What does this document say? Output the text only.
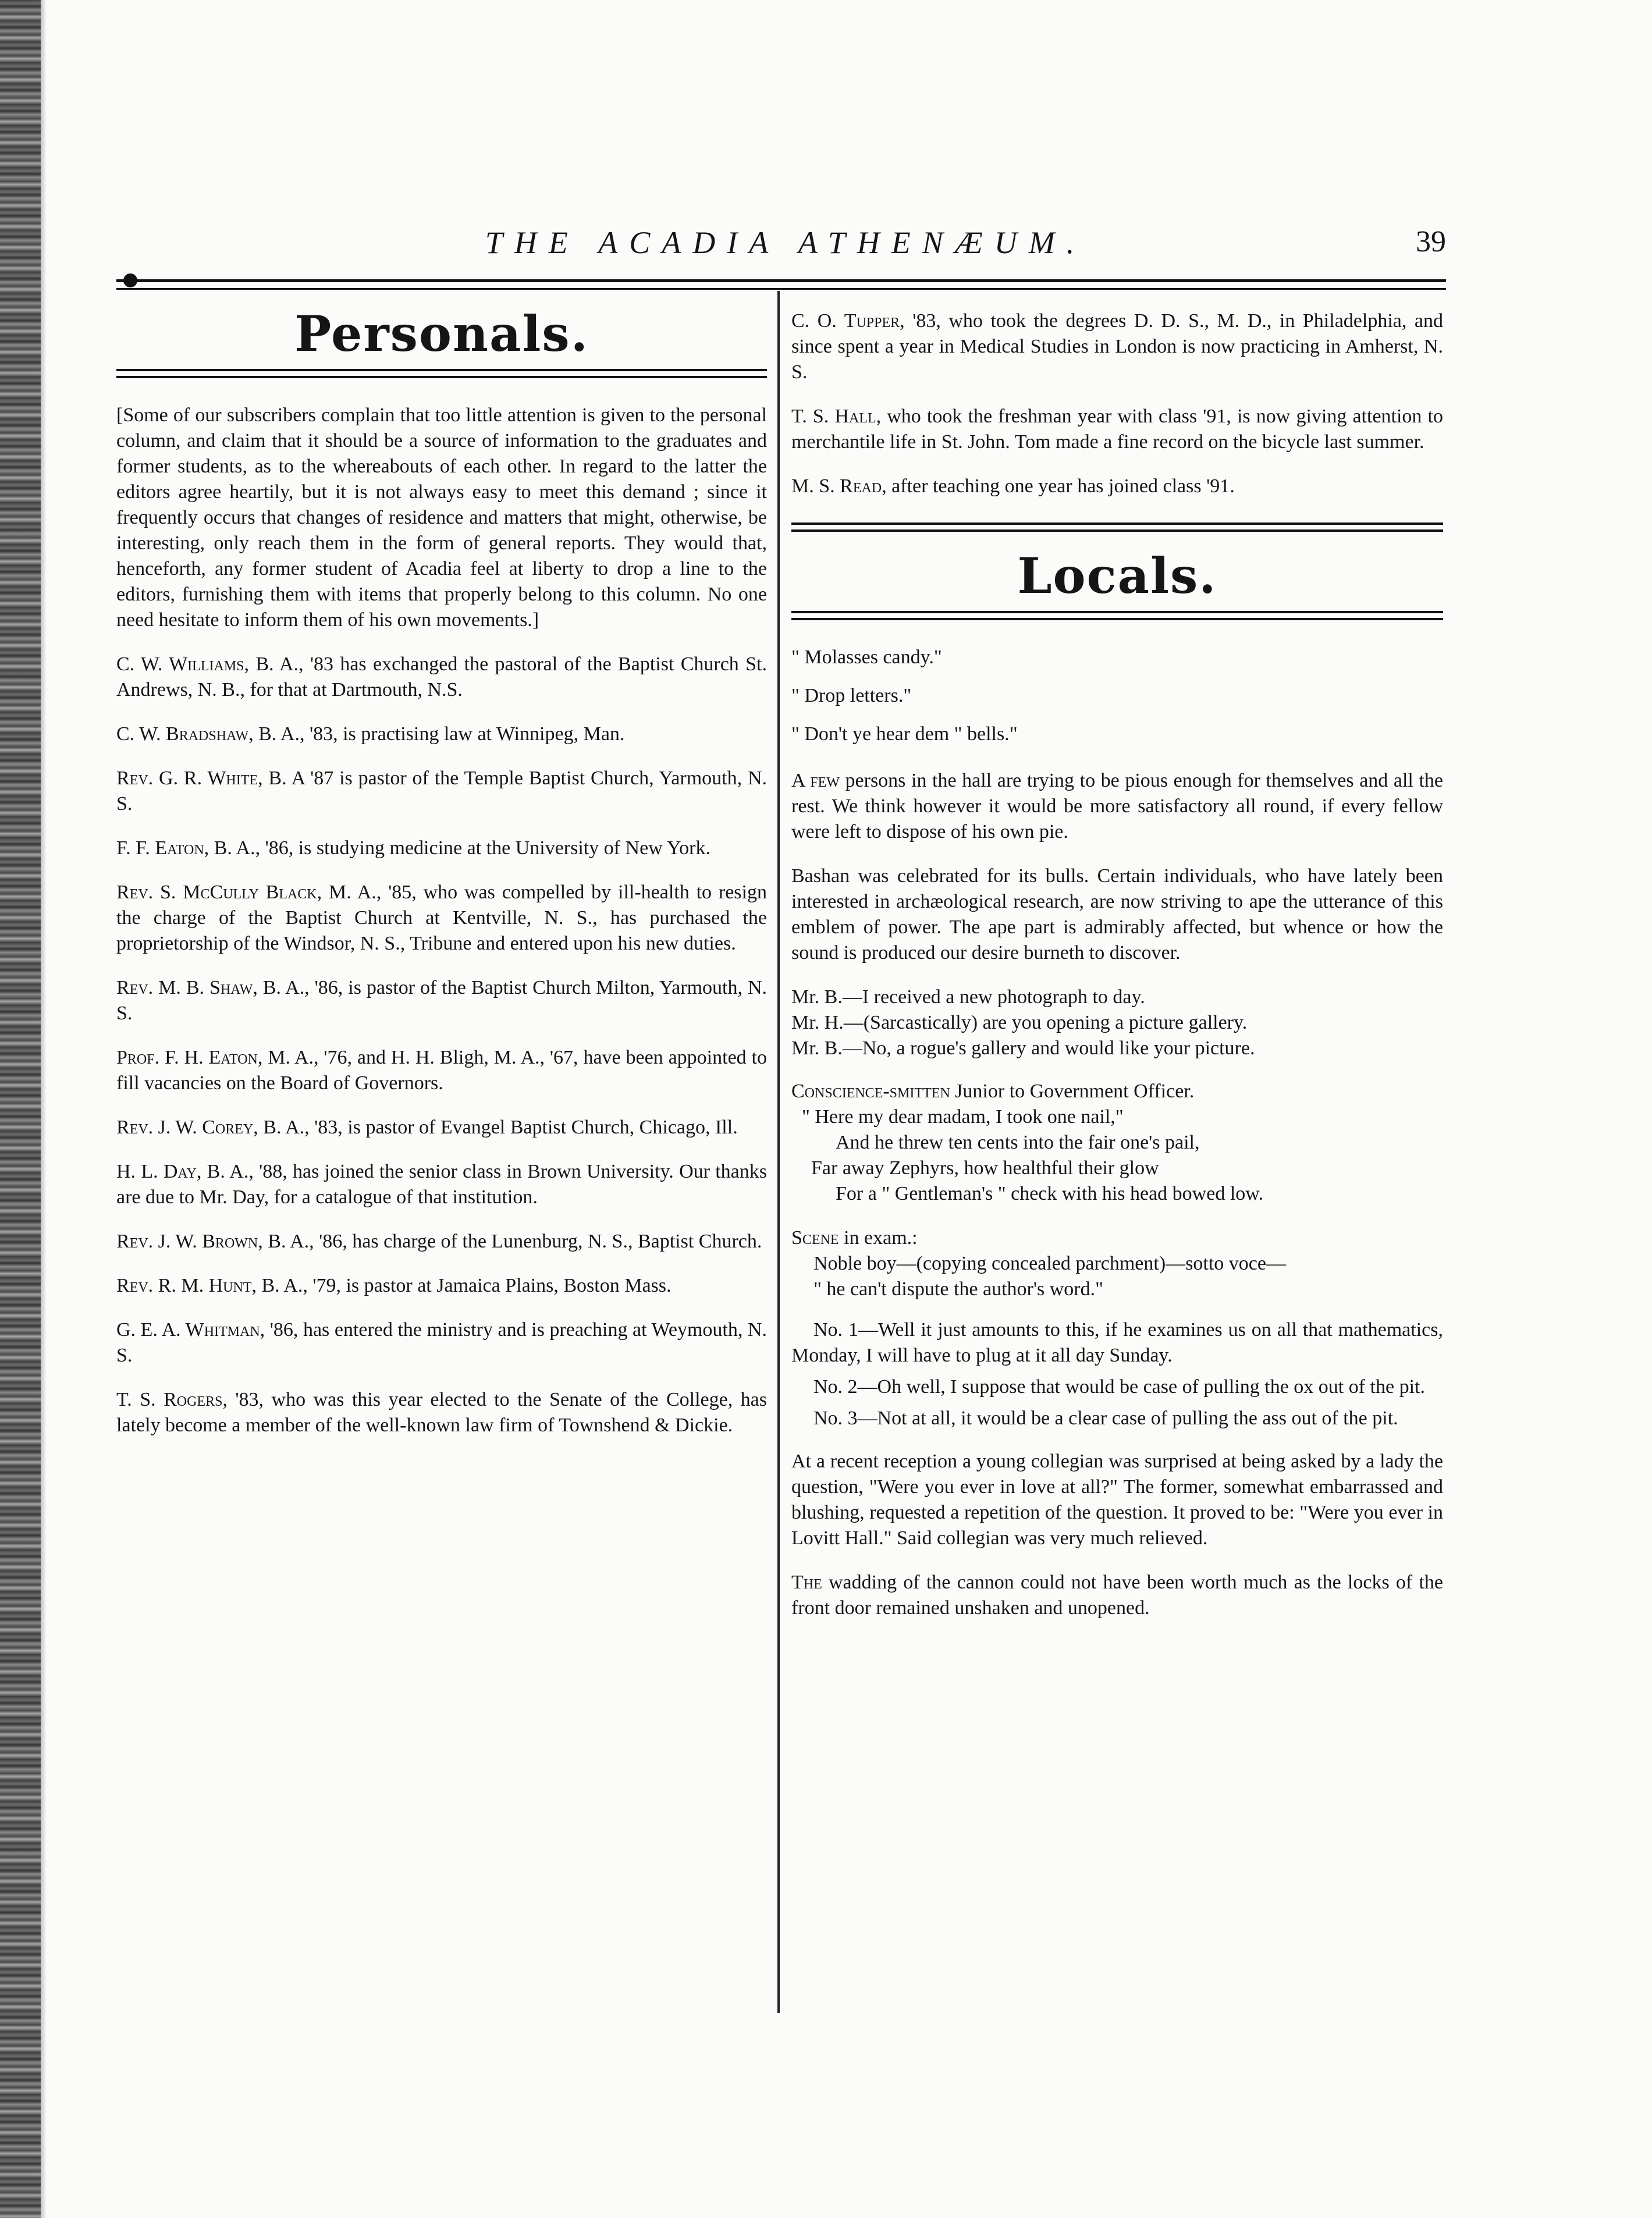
THE ACADIA ATHENÆUM.	39
Personals.

[Some of our subscribers complain that too little attention is given to the personal column, and claim that it should be a source of information to the graduates and former students, as to the whereabouts of each other. In regard to the latter the editors agree heartily, but it is not always easy to meet this demand ; since it frequently occurs that changes of residence and matters that might, otherwise, be interesting, only reach them in the form of general reports. They would that, henceforth, any former student of Acadia feel at liberty to drop a line to the editors, furnishing them with items that properly belong to this column. No one need hesitate to inform them of his own movements.]

C. W. Williams, B. A., '83 has exchanged the pastoral of the Baptist Church St. Andrews, N. B., for that at Dartmouth, N.S.

C. W. Bradshaw, B. A., '83, is practising law at Winnipeg, Man.

Rev. G. R. White, B. A '87 is pastor of the Temple Baptist Church, Yarmouth, N. S.

F. F. Eaton, B. A., '86, is studying medicine at the University of New York.

Rev. S. McCully Black, M. A., '85, who was compelled by ill-health to resign the charge of the Baptist Church at Kentville, N. S., has purchased the proprietorship of the Windsor, N. S., Tribune and entered upon his new duties.

Rev. M. B. Shaw, B. A., '86, is pastor of the Baptist Church Milton, Yarmouth, N. S.

Prof. F. H. Eaton, M. A., '76, and H. H. Bligh, M. A., '67, have been appointed to fill vacancies on the Board of Governors.

Rev. J. W. Corey, B. A., '83, is pastor of Evangel Baptist Church, Chicago, Ill.

H. L. Day, B. A., '88, has joined the senior class in Brown University. Our thanks are due to Mr. Day, for a catalogue of that institution.

Rev. J. W. Brown, B. A., '86, has charge of the Lunenburg, N. S., Baptist Church.

Rev. R. M. Hunt, B. A., '79, is pastor at Jamaica Plains, Boston Mass.

G. E. A. Whitman, '86, has entered the ministry and is preaching at Weymouth, N. S.

T. S. Rogers, '83, who was this year elected to the Senate of the College, has lately become a member of the well-known law firm of Townshend & Dickie.

C. O. Tupper, '83, who took the degrees D. D. S., M. D., in Philadelphia, and since spent a year in Medical Studies in London is now practicing in Amherst, N. S.

T. S. Hall, who took the freshman year with class '91, is now giving attention to merchantile life in St. John. Tom made a fine record on the bicycle last summer.

M. S. Read, after teaching one year has joined class '91.

Locals.
" Molasses candy."
" Drop letters."
" Don't ye hear dem " bells."

A few persons in the hall are trying to be pious enough for themselves and all the rest. We think however it would be more satisfactory all round, if every fellow were left to dispose of his own pie.

Bashan was celebrated for its bulls. Certain individuals, who have lately been interested in archæological research, are now striving to ape the utterance of this emblem of power. The ape part is admirably affected, but whence or how the sound is produced our desire burneth to discover.

Mr. B.—I received a new photograph to day.

Mr. H.—(Sarcastically) are you opening a picture gallery.

Mr. B.—No, a rogue's gallery and would like your picture.

Conscience-smitten Junior to Government Officer.
" Here my dear madam, I took one nail,"
And he threw ten cents into the fair one's pail,
Far away Zephyrs, how healthful their glow
For a " Gentleman's " check with his head bowed low.
Scene in exam.:
Noble boy—(copying concealed parchment)—sotto voce—
" he can't dispute the author's word."

No. 1—Well it just amounts to this, if he examines us on all that mathematics, Monday, I will have to plug at it all day Sunday.

No. 2—Oh well, I suppose that would be case of pulling the ox out of the pit.

No. 3—Not at all, it would be a clear case of pulling the ass out of the pit.

At a recent reception a young collegian was surprised at being asked by a lady the question, "Were you ever in love at all?" The former, somewhat embarrassed and blushing, requested a repetition of the question. It proved to be: "Were you ever in Lovitt Hall." Said collegian was very much relieved.

The wadding of the cannon could not have been worth much as the locks of the front door remained unshaken and unopened.
